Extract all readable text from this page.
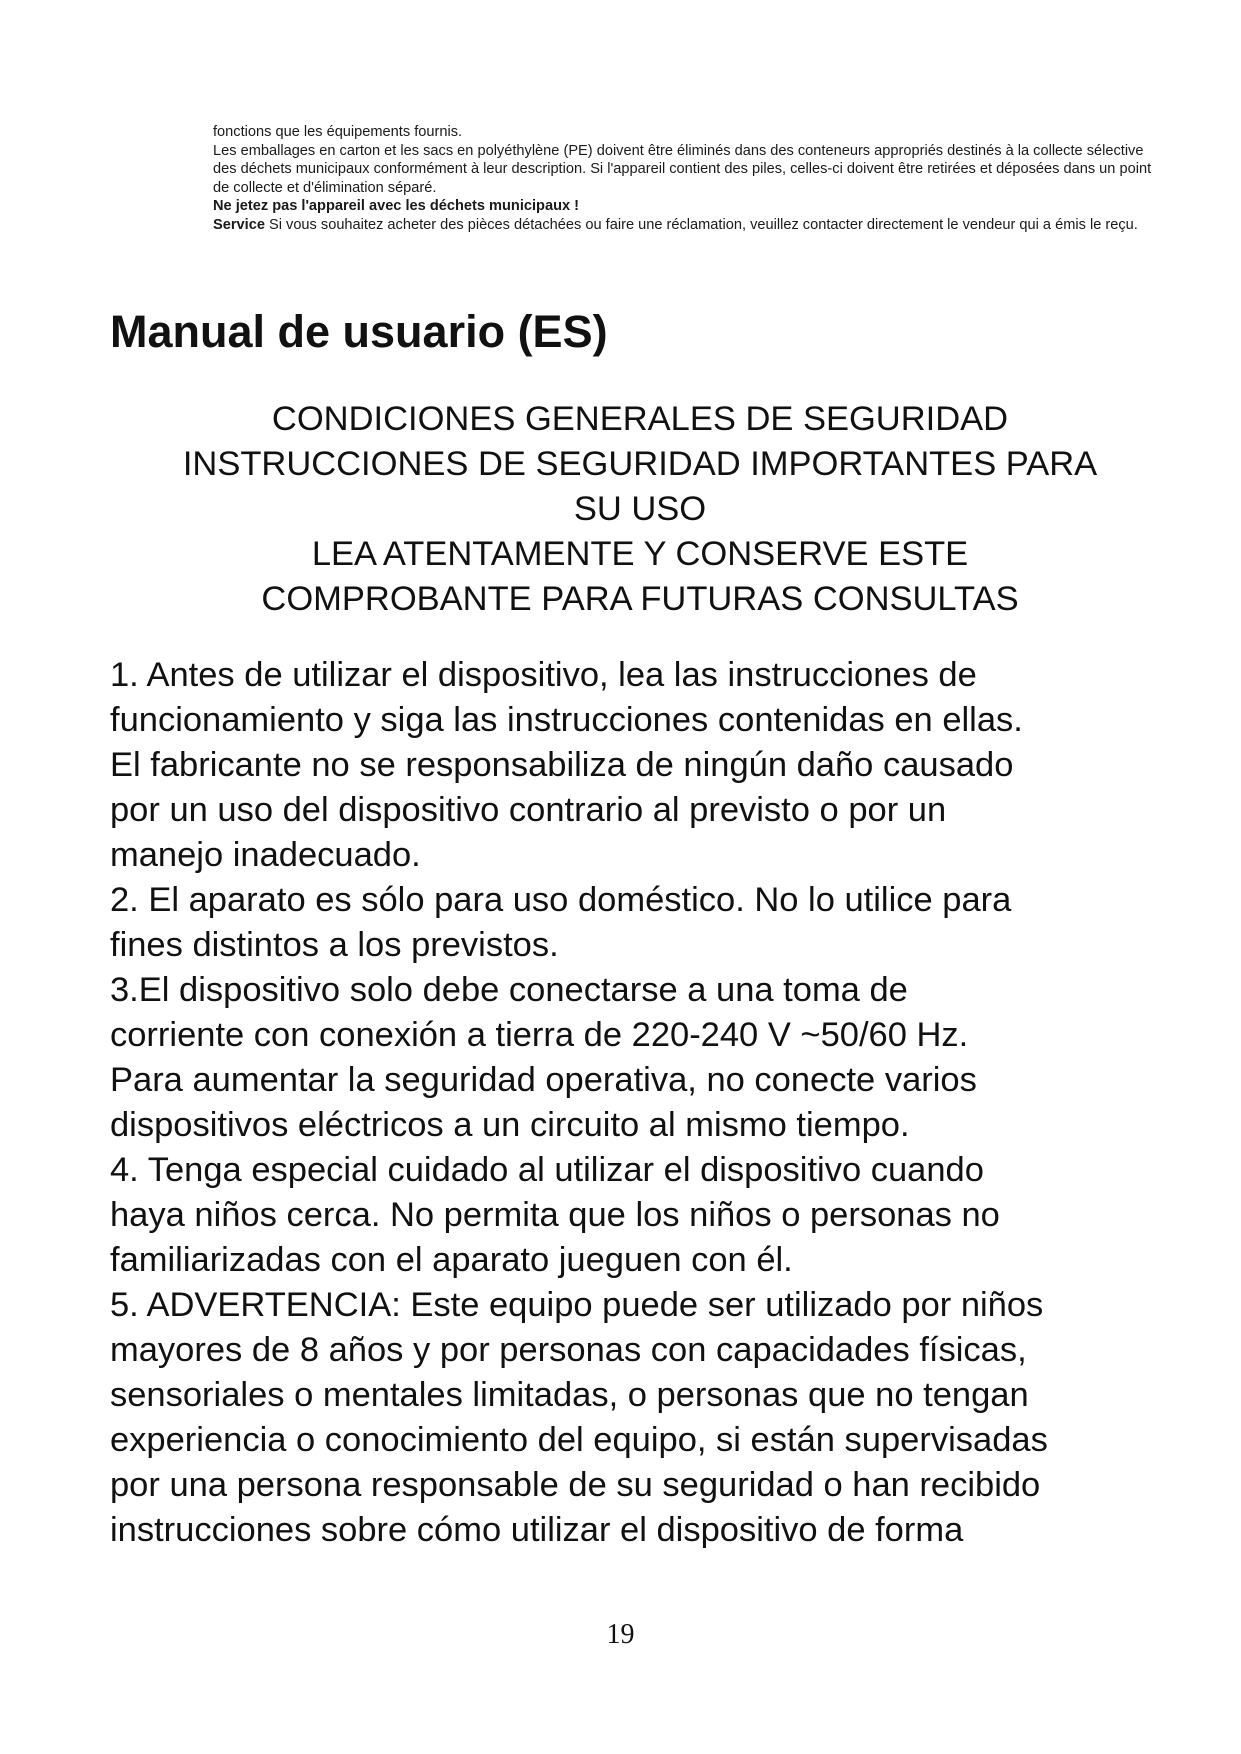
fonctions que les équipements fournis.

Les emballages en carton et les sacs en polyéthylène (PE) doivent être éliminés dans des conteneurs appropriés destinés à la collecte sélective des déchets municipaux conformément à leur description. Si l'appareil contient des piles, celles-ci doivent être retirées et déposées dans un point de collecte et d'élimination séparé.

Ne jetez pas l'appareil avec les déchets municipaux !

Service Si vous souhaitez acheter des pièces détachées ou faire une réclamation, veuillez contacter directement le vendeur qui a émis le reçu.

Manual de usuario (ES)
CONDICIONES GENERALES DE SEGURIDAD
INSTRUCCIONES DE SEGURIDAD IMPORTANTES PARA
SU USO
LEA ATENTAMENTE Y CONSERVE ESTE
COMPROBANTE PARA FUTURAS CONSULTAS
1. Antes de utilizar el dispositivo, lea las instrucciones de
funcionamiento y siga las instrucciones contenidas en ellas.
El fabricante no se responsabiliza de ningún daño causado
por un uso del dispositivo contrario al previsto o por un
manejo inadecuado.
2. El aparato es sólo para uso doméstico. No lo utilice para
fines distintos a los previstos.
3.El dispositivo solo debe conectarse a una toma de
corriente con conexión a tierra de 220-240 V ~50/60 Hz.
Para aumentar la seguridad operativa, no conecte varios
dispositivos eléctricos a un circuito al mismo tiempo.
4. Tenga especial cuidado al utilizar el dispositivo cuando
haya niños cerca. No permita que los niños o personas no
familiarizadas con el aparato jueguen con él.
5. ADVERTENCIA: Este equipo puede ser utilizado por niños
mayores de 8 años y por personas con capacidades físicas,
sensoriales o mentales limitadas, o personas que no tengan
experiencia o conocimiento del equipo, si están supervisadas
por una persona responsable de su seguridad o han recibido
instrucciones sobre cómo utilizar el dispositivo de forma
19
